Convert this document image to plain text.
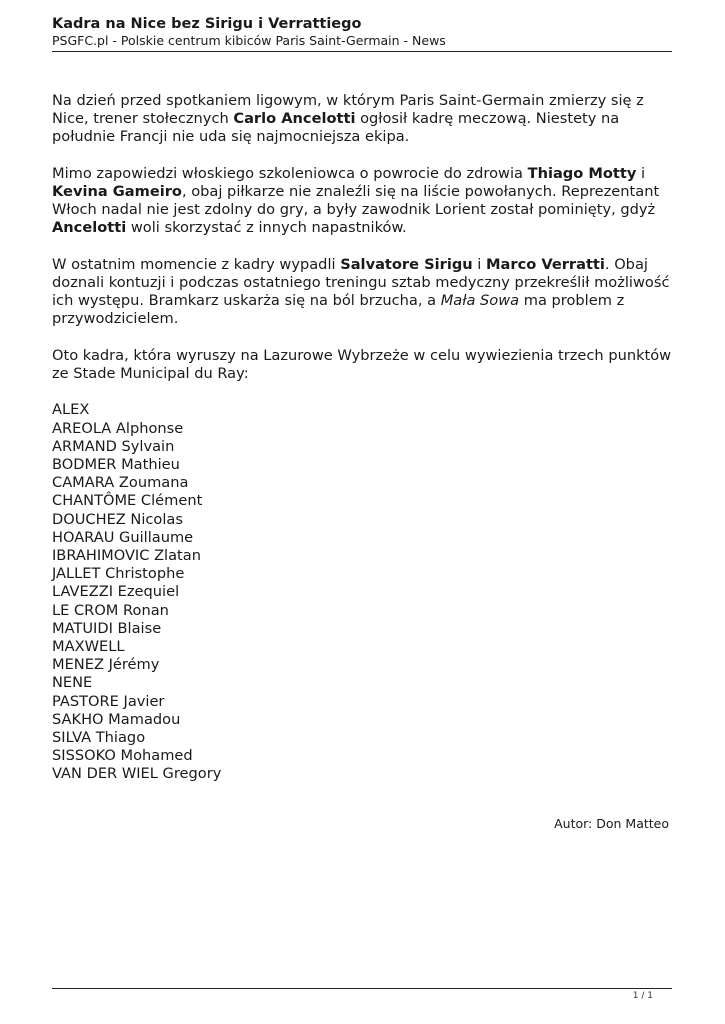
Kadra na Nice bez Sirigu i Verrattiego
PSGFC.pl - Polskie centrum kibiców Paris Saint-Germain - News

Na dzień przed spotkaniem ligowym, w którym Paris Saint-Germain zmierzy się z
Nice, trener stołecznych Carlo Ancelotti ogłosił kadrę meczową. Niestety na
południe Francji nie uda się najmocniejsza ekipa.

Mimo zapowiedzi włoskiego szkoleniowca o powrocie do zdrowia Thiago Motty i
Kevina Gameiro, obaj piłkarze nie znaleźli się na liście powołanych. Reprezentant
Włoch nadal nie jest zdolny do gry, a były zawodnik Lorient został pominięty, gdyż
Ancelotti woli skorzystać z innych napastników.

W ostatnim momencie z kadry wypadli Salvatore Sirigu i Marco Verratti. Obaj
doznali kontuzji i podczas ostatniego treningu sztab medyczny przekreślił możliwość
ich występu. Bramkarz uskarża się na ból brzucha, a Mała Sowa ma problem z
przywodzicielem.

Oto kadra, która wyruszy na Lazurowe Wybrzeże w celu wywiezienia trzech punktów
ze Stade Municipal du Ray:

ALEX
AREOLA Alphonse
ARMAND Sylvain
BODMER Mathieu
CAMARA Zoumana
CHANTÔME Clément
DOUCHEZ Nicolas
HOARAU Guillaume
IBRAHIMOVIC Zlatan
JALLET Christophe
LAVEZZI Ezequiel
LE CROM Ronan
MATUIDI Blaise
MAXWELL
MENEZ Jérémy
NENE
PASTORE Javier
SAKHO Mamadou
SILVA Thiago
SISSOKO Mohamed
VAN DER WIEL Gregory
Autor: Don Matteo
1 / 1
